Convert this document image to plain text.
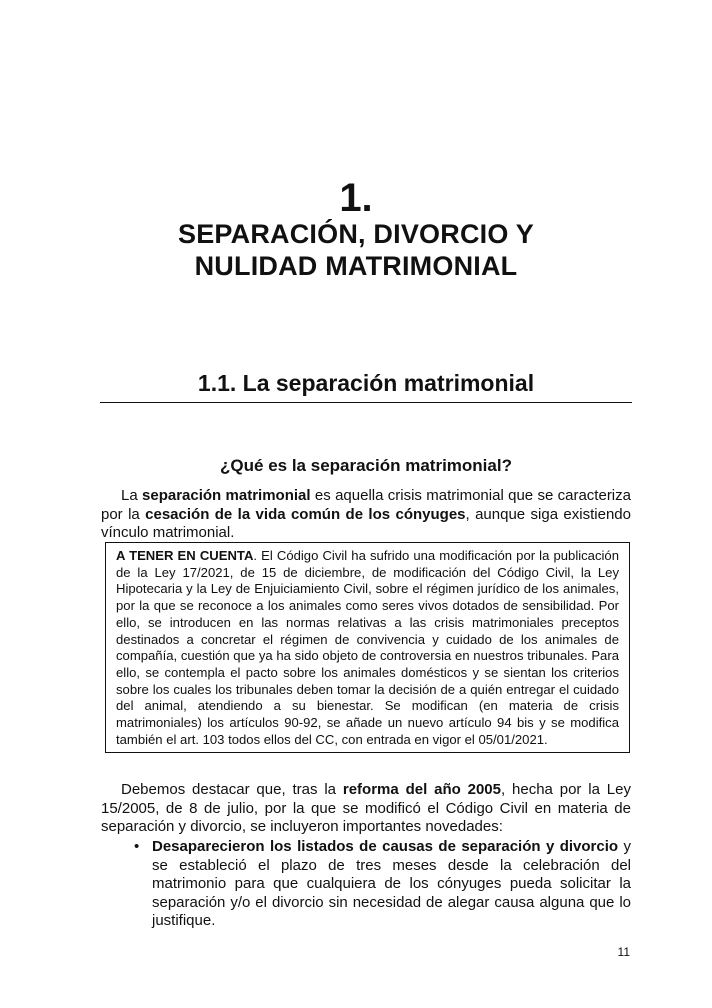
1.
SEPARACIÓN, DIVORCIO Y
NULIDAD MATRIMONIAL
1.1. La separación matrimonial
¿Qué es la separación matrimonial?

La separación matrimonial es aquella crisis matrimonial que se caracteriza por la cesación de la vida común de los cónyuges, aunque siga existiendo vínculo matrimonial.

A TENER EN CUENTA. El Código Civil ha sufrido una modificación por la publicación de la Ley 17/2021, de 15 de diciembre, de modificación del Código Civil, la Ley Hipotecaria y la Ley de Enjuiciamiento Civil, sobre el régimen jurídico de los animales, por la que se reconoce a los animales como seres vivos dotados de sensibilidad. Por ello, se introducen en las normas relativas a las crisis matrimoniales preceptos destinados a concretar el régimen de convivencia y cuidado de los animales de compañía, cuestión que ya ha sido objeto de controversia en nuestros tribunales. Para ello, se contempla el pacto sobre los animales domésticos y se sientan los criterios sobre los cuales los tribunales deben tomar la decisión de a quién entregar el cuidado del animal, atendiendo a su bienestar. Se modifican (en materia de crisis matrimoniales) los artículos 90-92, se añade un nuevo artículo 94 bis y se modifica también el art. 103 todos ellos del CC, con entrada en vigor el 05/01/2021.

Debemos destacar que, tras la reforma del año 2005, hecha por la Ley 15/2005, de 8 de julio, por la que se modificó el Código Civil en materia de separación y divorcio, se incluyeron importantes novedades:

• Desaparecieron los listados de causas de separación y divorcio y se estableció el plazo de tres meses desde la celebración del matrimonio para que cualquiera de los cónyuges pueda solicitar la separación y/o el divorcio sin necesidad de alegar causa alguna que lo justifique.
11
